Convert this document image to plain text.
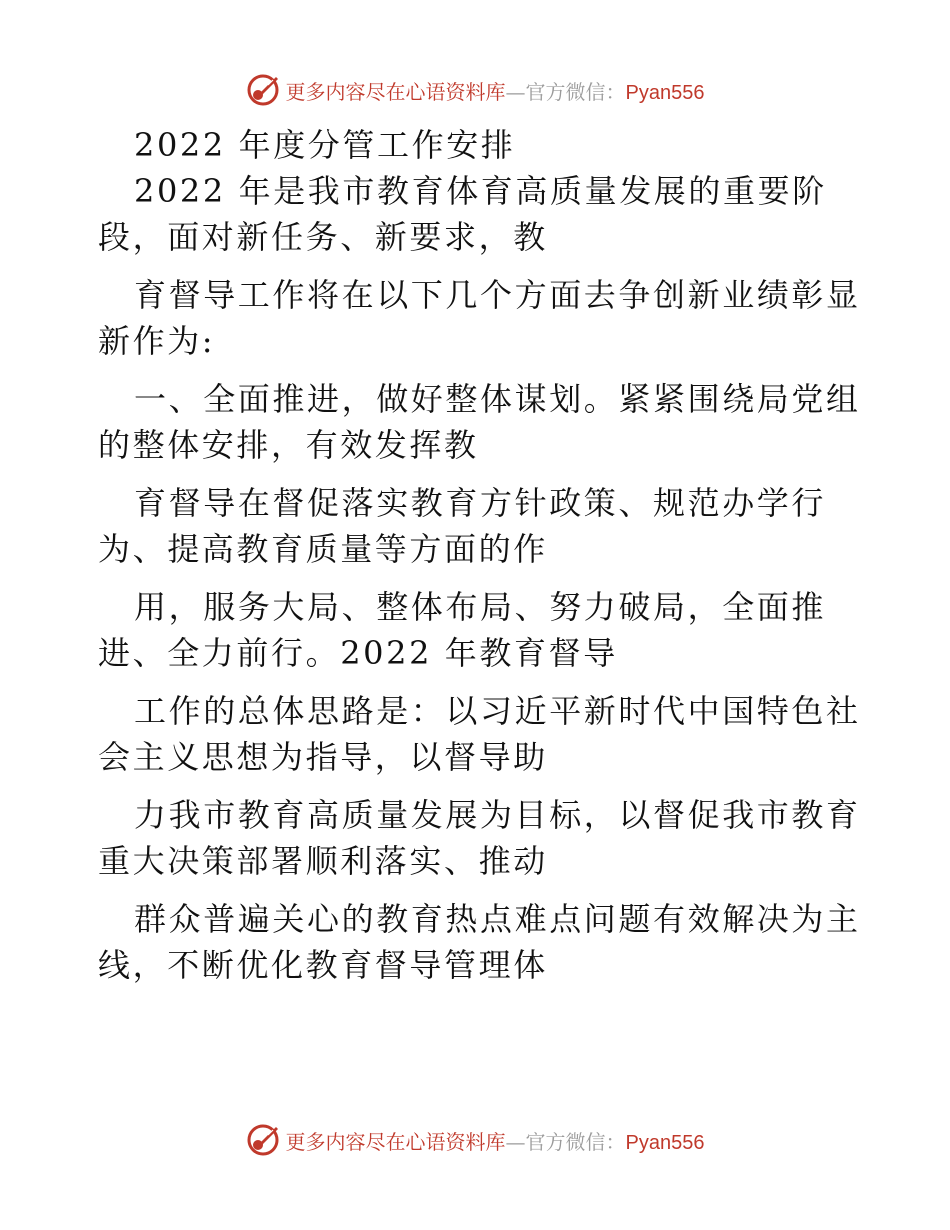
更多内容尽在心语资料库—官方微信：Pyan556
2022 年度分管工作安排
2022 年是我市教育体育高质量发展的重要阶
段，面对新任务、新要求，教
育督导工作将在以下几个方面去争创新业绩彰显
新作为:
一、全面推进，做好整体谋划。紧紧围绕局党组
的整体安排，有效发挥教
育督导在督促落实教育方针政策、规范办学行
为、提高教育质量等方面的作
用，服务大局、整体布局、努力破局，全面推
进、全力前行。2022 年教育督导
工作的总体思路是：以习近平新时代中国特色社
会主义思想为指导，以督导助
力我市教育高质量发展为目标，以督促我市教育
重大决策部署顺利落实、推动
群众普遍关心的教育热点难点问题有效解决为主
线，不断优化教育督导管理体
更多内容尽在心语资料库—官方微信：Pyan556
